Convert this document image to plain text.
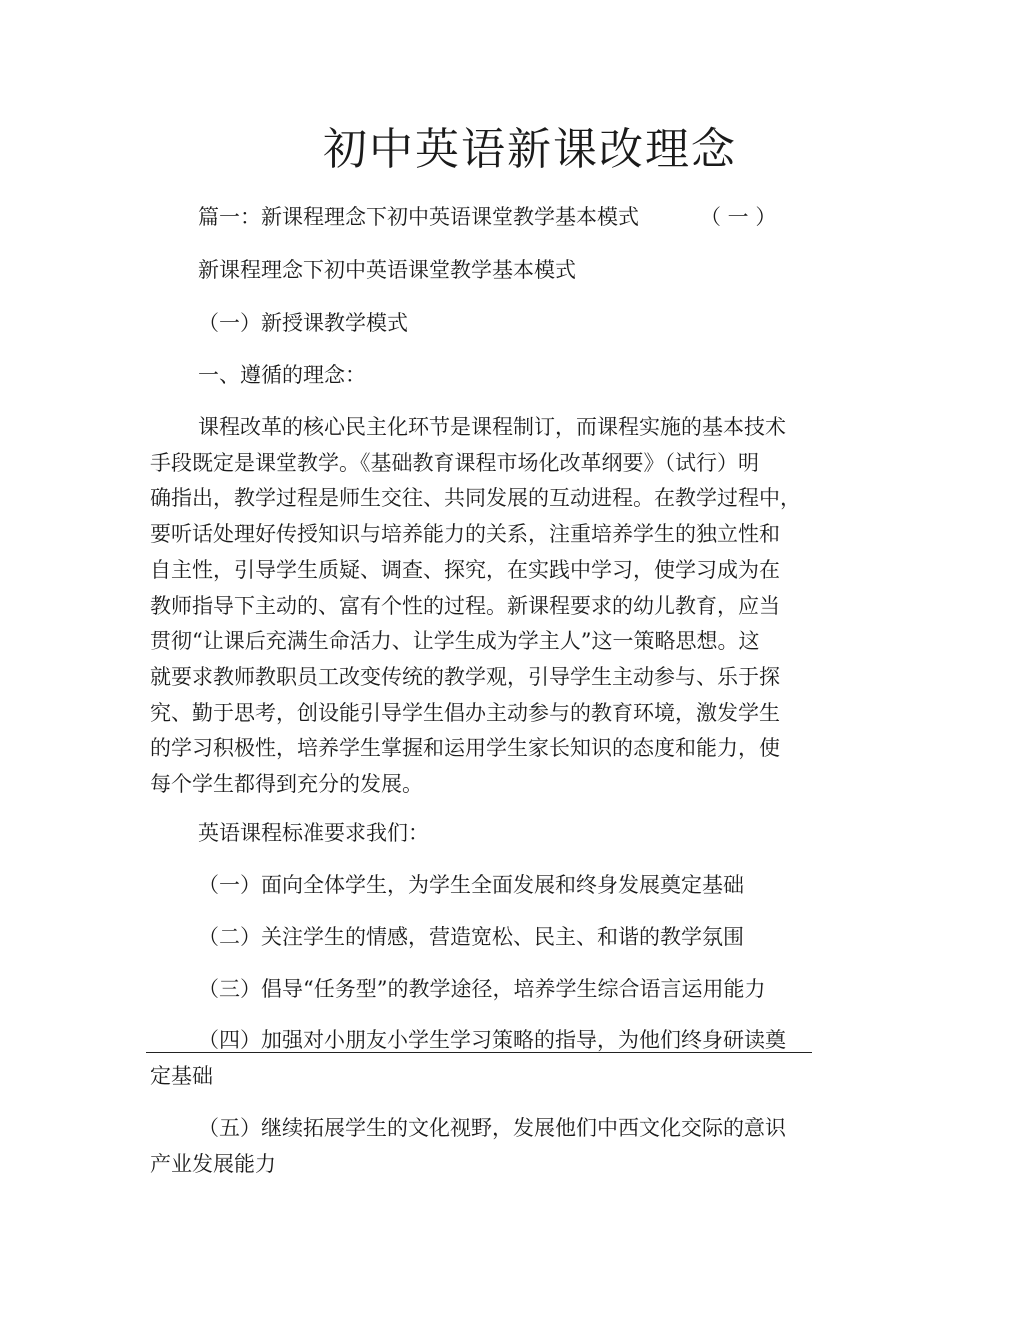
初中英语新课改理念

篇一：新课程理念下初中英语课堂教学基本模式	（ 一 ）

新课程理念下初中英语课堂教学基本模式

（一）新授课教学模式

一、遵循的理念：

课程改革的核心民主化环节是课程制订，而课程实施的基本技术
手段既定是课堂教学。《基础教育课程市场化改革纲要》（试行）明
确指出，教学过程是师生交往、共同发展的互动进程。在教学过程中，
要听话处理好传授知识与培养能力的关系，注重培养学生的独立性和
自主性，引导学生质疑、调查、探究，在实践中学习，使学习成为在
教师指导下主动的、富有个性的过程。新课程要求的幼儿教育，应当
贯彻“让课后充满生命活力、让学生成为学主人”这一策略思想。这
就要求教师教职员工改变传统的教学观，引导学生主动参与、乐于探
究、勤于思考，创设能引导学生倡办主动参与的教育环境，激发学生
的学习积极性，培养学生掌握和运用学生家长知识的态度和能力，使
每个学生都得到充分的发展。

英语课程标准要求我们：

（一）面向全体学生，为学生全面发展和终身发展奠定基础
（二）关注学生的情感，营造宽松、民主、和谐的教学氛围
（三）倡导“任务型”的教学途径，培养学生综合语言运用能力
（四）加强对小朋友小学生学习策略的指导，为他们终身研读奠
定基础
（五）继续拓展学生的文化视野，发展他们中西文化交际的意识
产业发展能力
